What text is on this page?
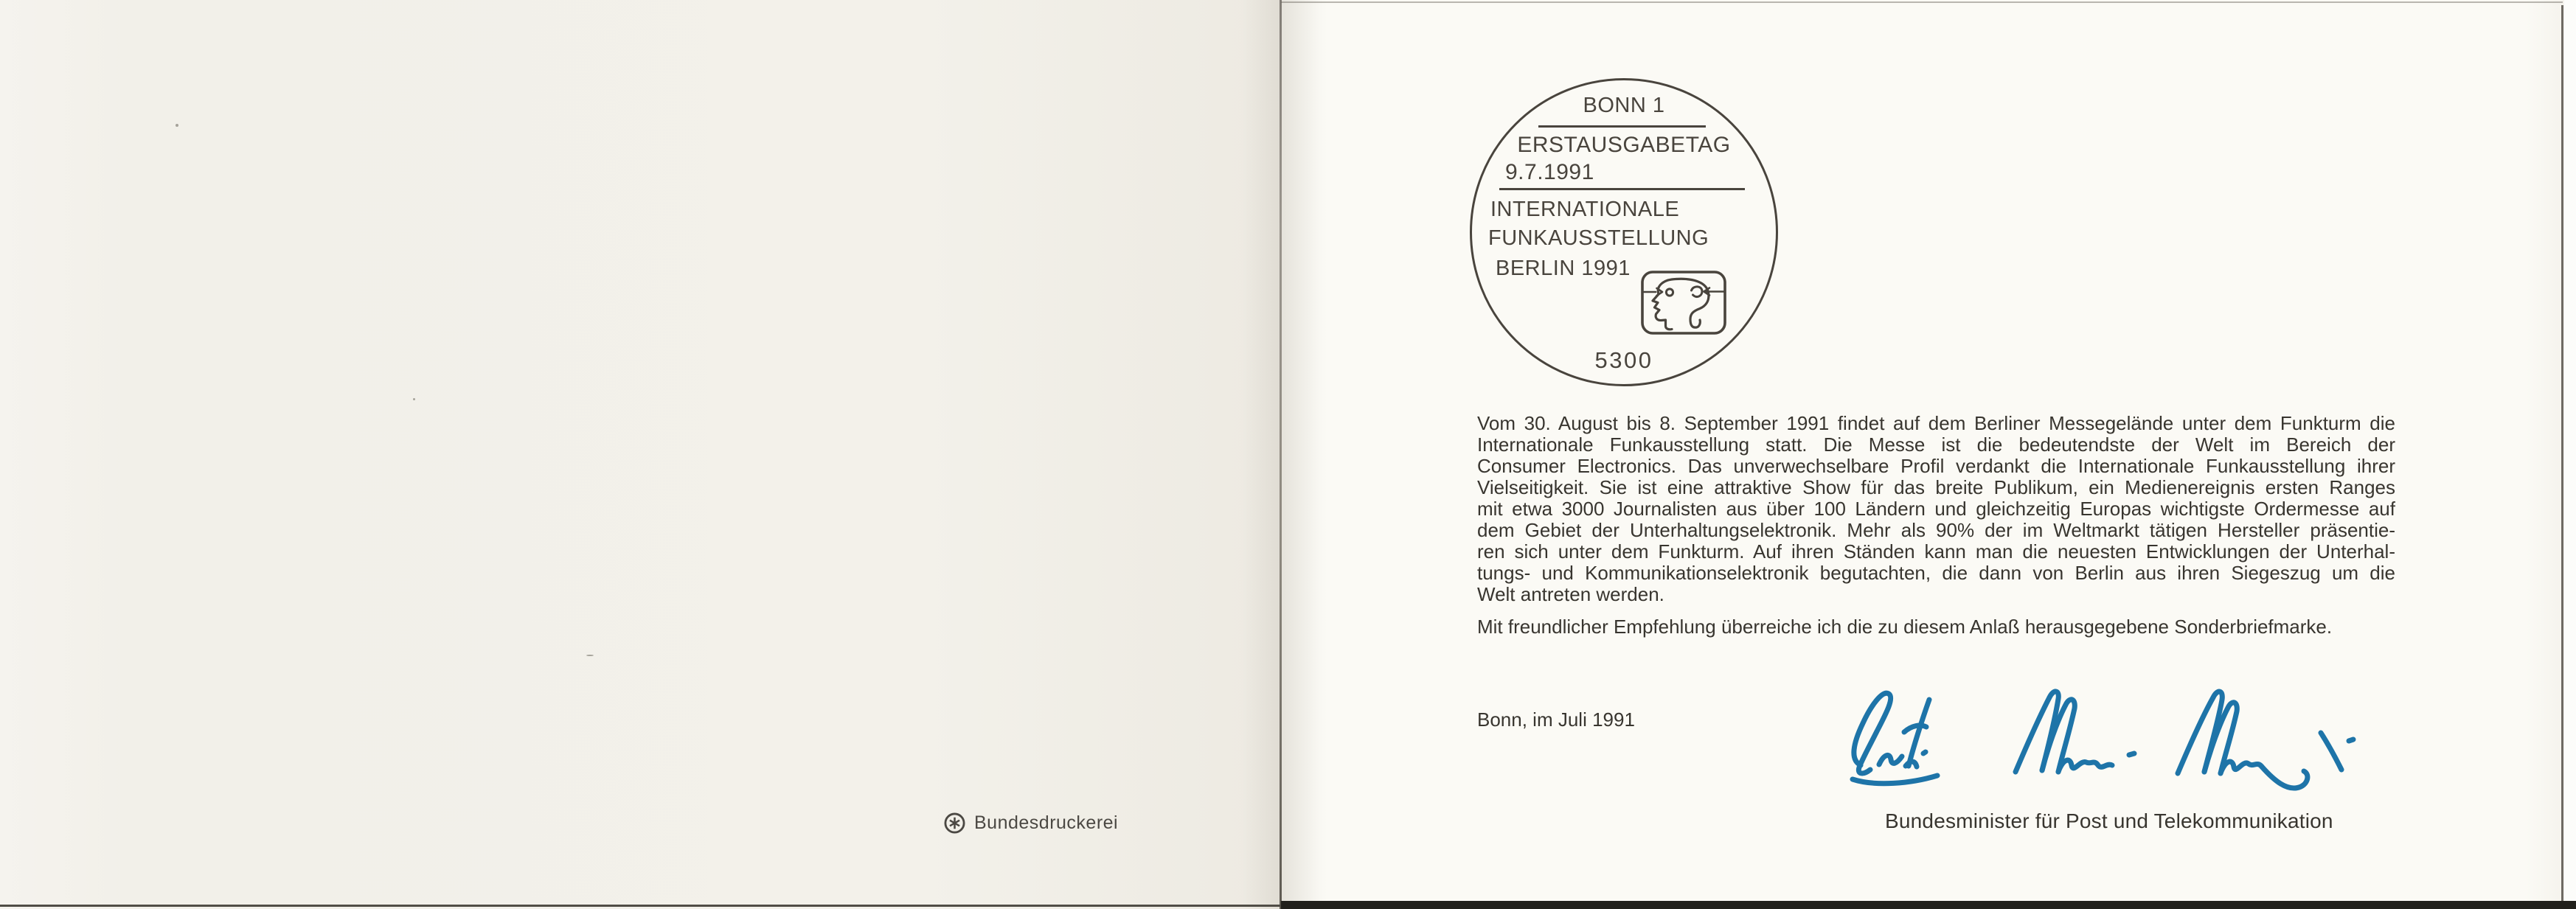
Bundesdruckerei
BONN 1
ERSTAUSGABETAG
9.7.1991
INTERNATIONALE
FUNKAUSSTELLUNG
BERLIN 1991
5300
Vom 30. August bis 8. September 1991 findet auf dem Berliner Messegelände unter dem Funkturm die
Internationale Funkausstellung statt. Die Messe ist die bedeutendste der Welt im Bereich der
Consumer Electronics. Das unverwechselbare Profil verdankt die Internationale Funkausstellung ihrer
Vielseitigkeit. Sie ist eine attraktive Show für das breite Publikum, ein Medienereignis ersten Ranges
mit etwa 3000 Journalisten aus über 100 Ländern und gleichzeitig Europas wichtigste Ordermesse auf
dem Gebiet der Unterhaltungselektronik. Mehr als 90% der im Weltmarkt tätigen Hersteller präsentie-
ren sich unter dem Funkturm. Auf ihren Ständen kann man die neuesten Entwicklungen der Unterhal-
tungs- und Kommunikationselektronik begutachten, die dann von Berlin aus ihren Siegeszug um die
Welt antreten werden.
Mit freundlicher Empfehlung überreiche ich die zu diesem Anlaß herausgegebene Sonderbriefmarke.
Bonn, im Juli 1991
Bundesminister für Post und Telekommunikation
